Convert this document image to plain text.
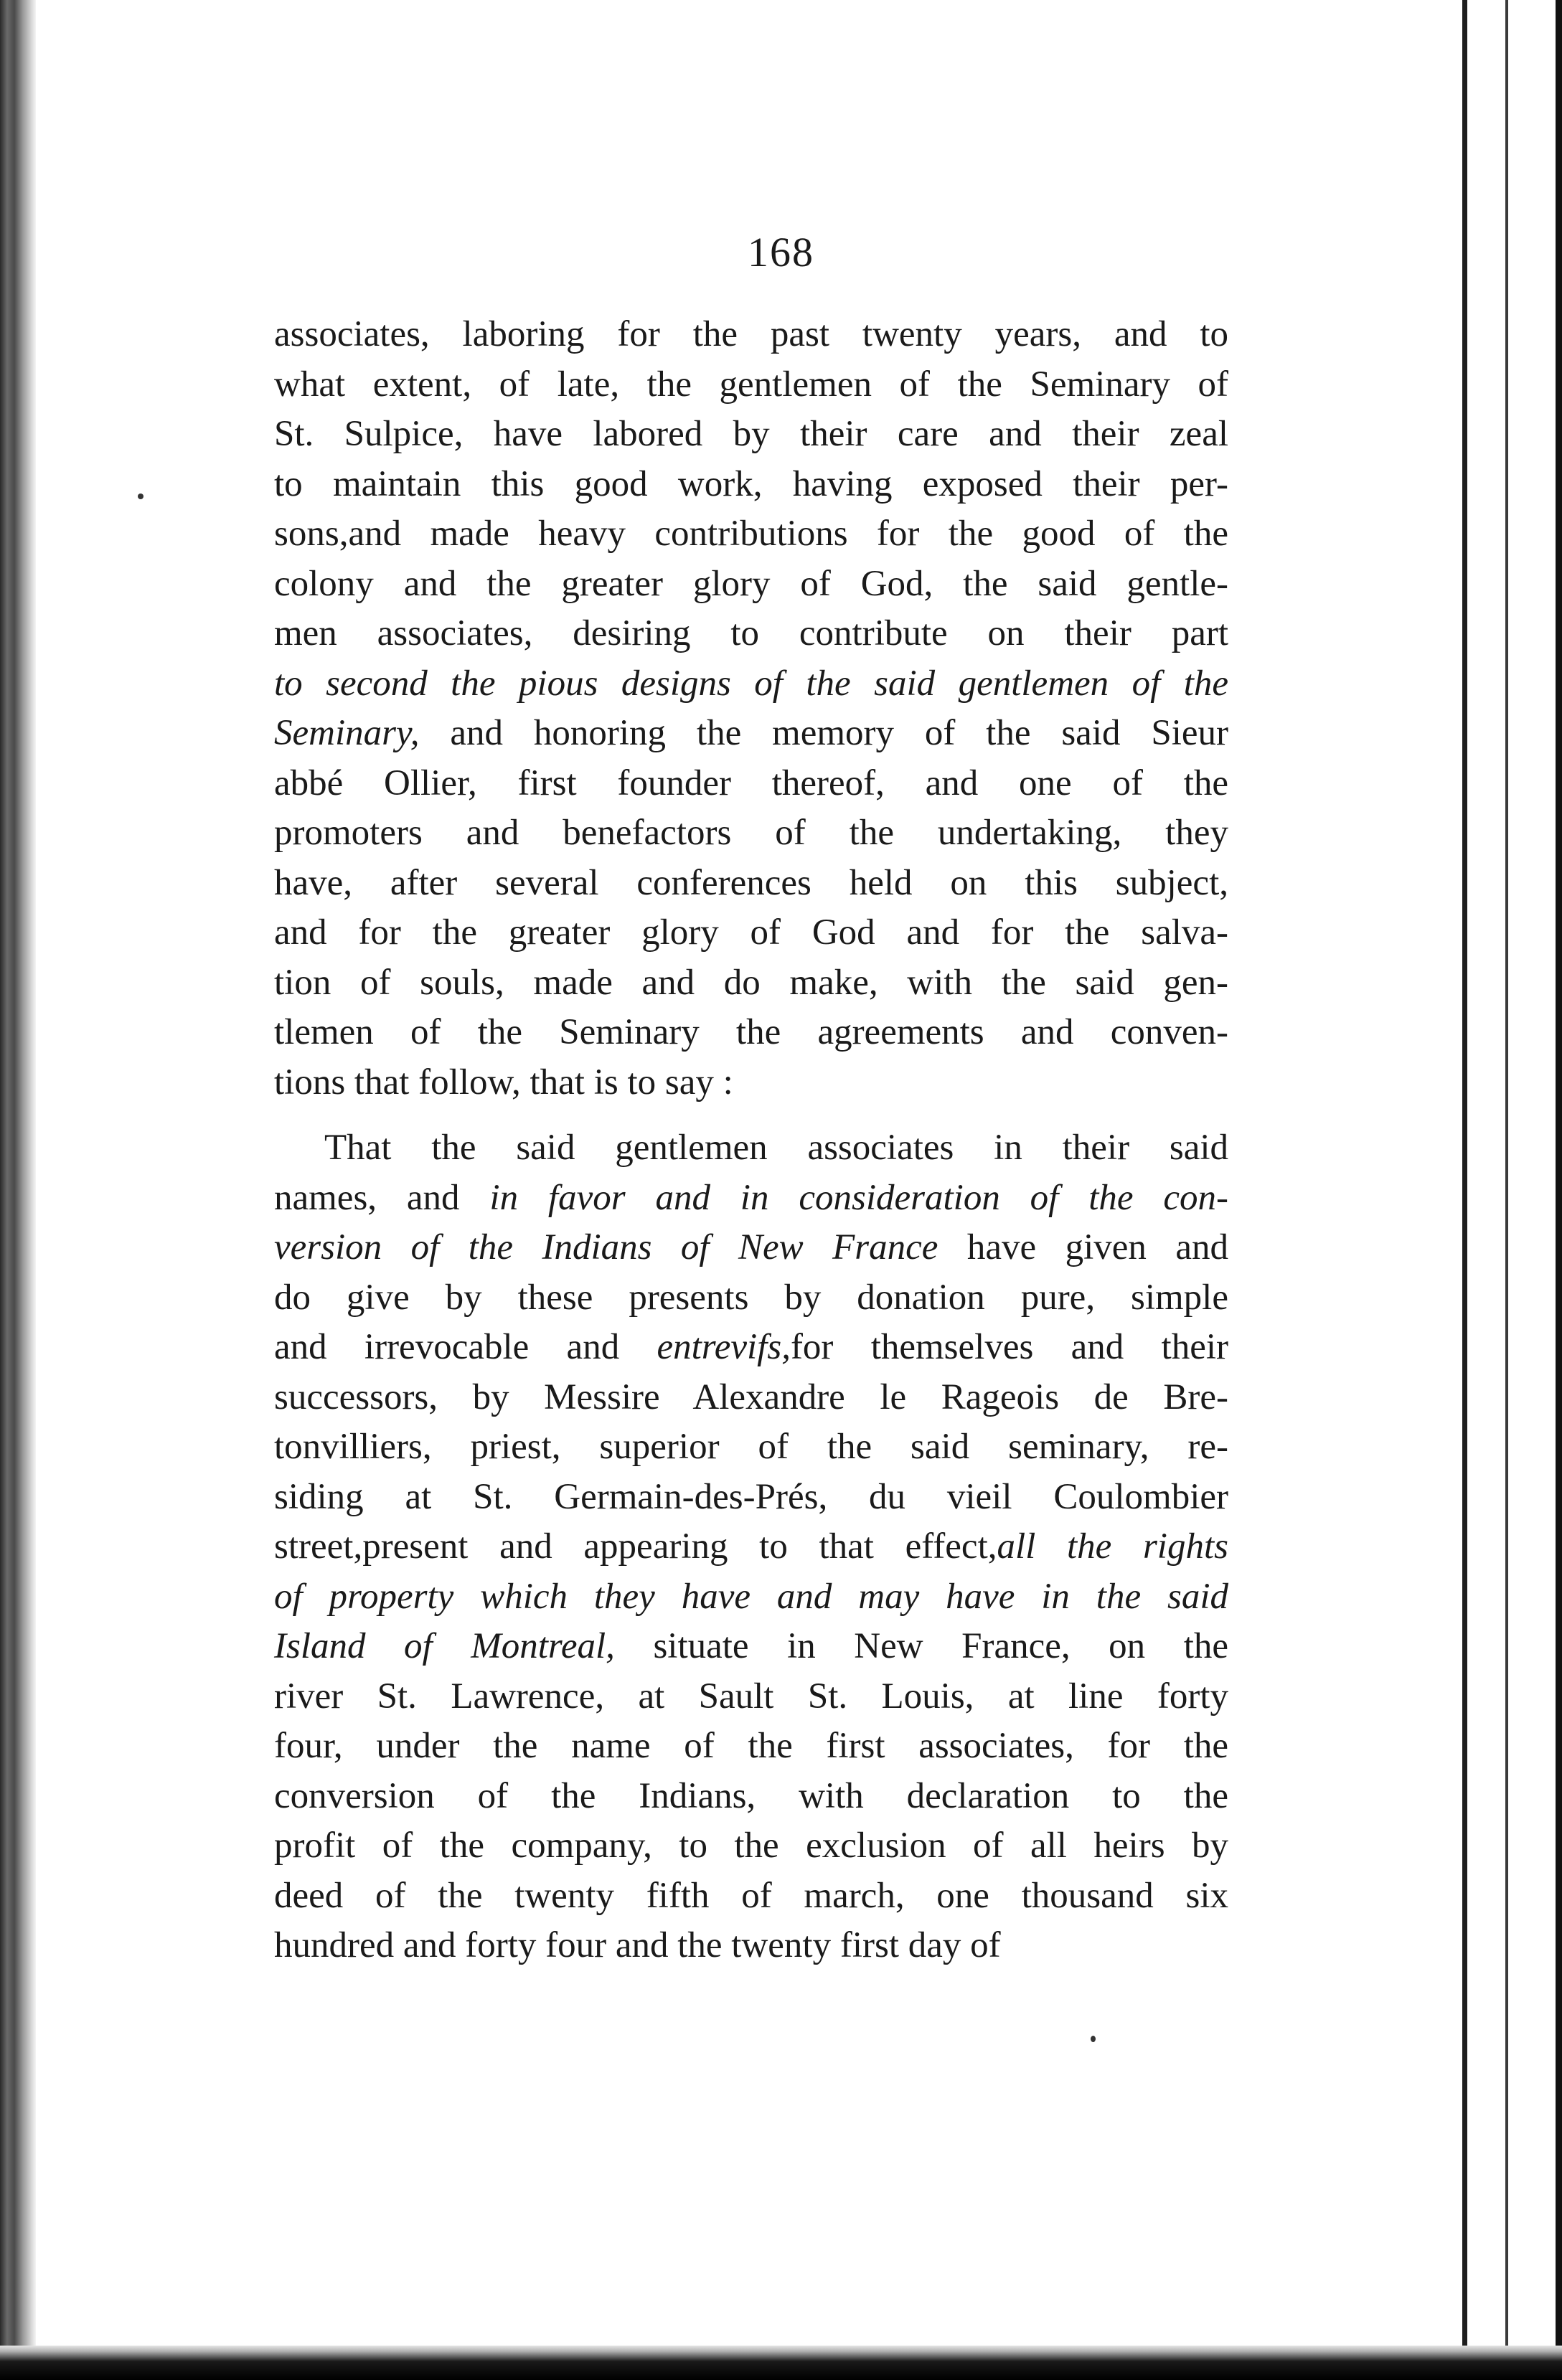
168
associates, laboring for the past twenty years, and to
what extent, of late, the gentlemen of the Seminary of
St. Sulpice, have labored by their care and their zeal
to maintain this good work, having exposed their per-
sons,and made heavy contributions for the good of the
colony and the greater glory of God, the said gentle-
men associates, desiring to contribute on their part
to second the pious designs of the said gentlemen of the
Seminary, and honoring the memory of the said Sieur
abbé Ollier, first founder thereof, and one of the
promoters and benefactors of the undertaking, they
have, after several conferences held on this subject,
and for the greater glory of God and for the salva-
tion of souls, made and do make, with the said gen-
tlemen of the Seminary the agreements and conven-
tions that follow, that is to say :
That the said gentlemen associates in their said
names, and in favor and in consideration of the con-
version of the Indians of New France have given and
do give by these presents by donation pure, simple
and irrevocable and entrevifs,for themselves and their
successors, by Messire Alexandre le Rageois de Bre-
tonvilliers, priest, superior of the said seminary, re-
siding at St. Germain-des-Prés, du vieil Coulombier
street,present and appearing to that effect,all the rights
of property which they have and may have in the said
Island of Montreal, situate in New France, on the
river St. Lawrence, at Sault St. Louis, at line forty
four, under the name of the first associates, for the
conversion of the Indians, with declaration to the
profit of the company, to the exclusion of all heirs by
deed of the twenty fifth of march, one thousand six
hundred and forty four and the twenty first day of
